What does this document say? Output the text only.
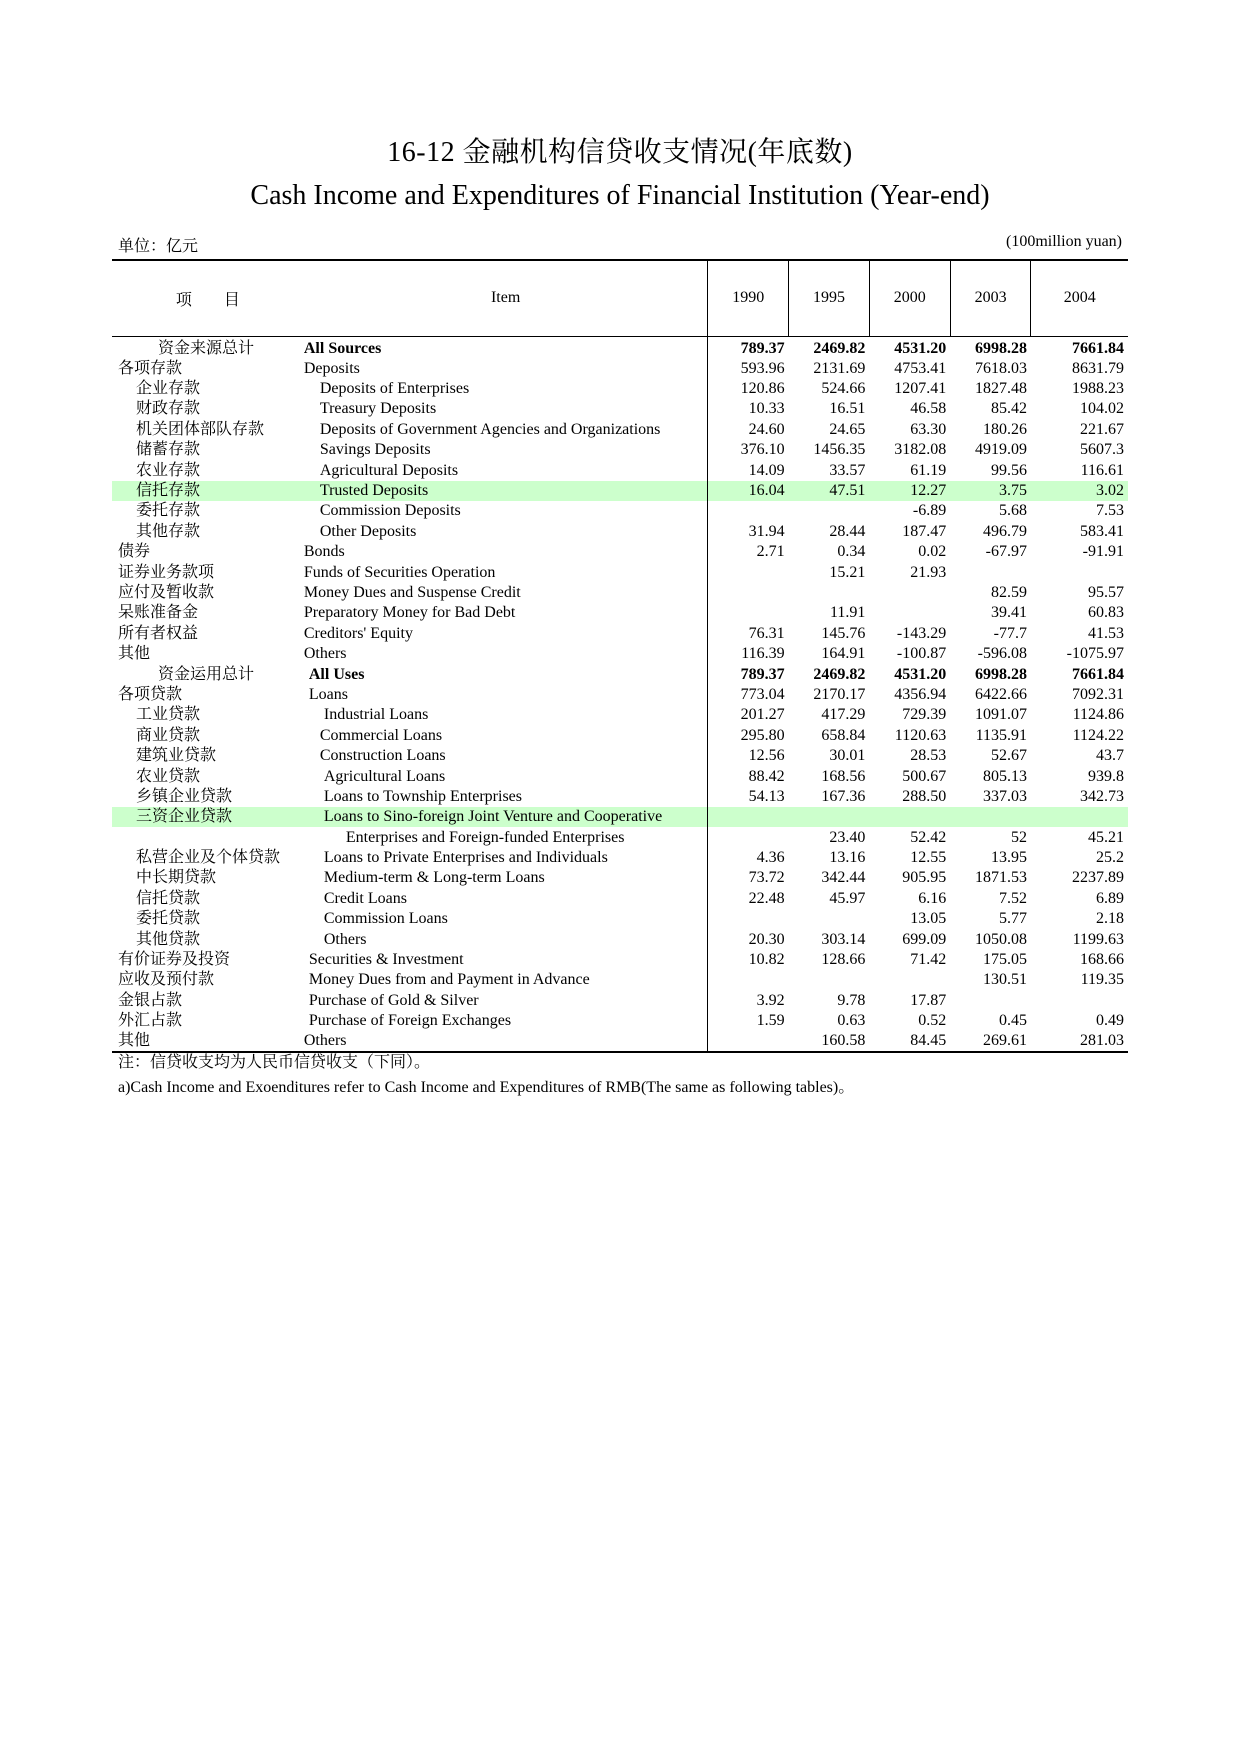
16-12 金融机构信贷收支情况(年底数)
Cash Income and Expenditures of Financial Institution (Year-end)
单位：亿元	(100million yuan)
项　　目	Item	1990	1995	2000	2003	2004
资金来源总计	All Sources	789.37	2469.82	4531.20	6998.28	7661.84
各项存款	Deposits	593.96	2131.69	4753.41	7618.03	8631.79
企业存款	Deposits of Enterprises	120.86	524.66	1207.41	1827.48	1988.23
财政存款	Treasury Deposits	10.33	16.51	46.58	85.42	104.02
机关团体部队存款	Deposits of Government Agencies and Organizations	24.60	24.65	63.30	180.26	221.67
储蓄存款	Savings Deposits	376.10	1456.35	3182.08	4919.09	5607.3
农业存款	Agricultural Deposits	14.09	33.57	61.19	99.56	116.61
信托存款	Trusted Deposits	16.04	47.51	12.27	3.75	3.02
委托存款	Commission Deposits			-6.89	5.68	7.53
其他存款	Other Deposits	31.94	28.44	187.47	496.79	583.41
债券	Bonds	2.71	0.34	0.02	-67.97	-91.91
证券业务款项	Funds of Securities Operation		15.21	21.93		
应付及暂收款	Money Dues and Suspense Credit				82.59	95.57
呆账准备金	Preparatory Money for Bad Debt		11.91		39.41	60.83
所有者权益	Creditors' Equity	76.31	145.76	-143.29	-77.7	41.53
其他	Others	116.39	164.91	-100.87	-596.08	-1075.97
资金运用总计	All Uses	789.37	2469.82	4531.20	6998.28	7661.84
各项贷款	Loans	773.04	2170.17	4356.94	6422.66	7092.31
工业贷款	Industrial Loans	201.27	417.29	729.39	1091.07	1124.86
商业贷款	Commercial Loans	295.80	658.84	1120.63	1135.91	1124.22
建筑业贷款	Construction Loans	12.56	30.01	28.53	52.67	43.7
农业贷款	Agricultural Loans	88.42	168.56	500.67	805.13	939.8
乡镇企业贷款	Loans to Township Enterprises	54.13	167.36	288.50	337.03	342.73
三资企业贷款	Loans to Sino-foreign Joint Venture and Cooperative					
	Enterprises and Foreign-funded Enterprises		23.40	52.42	52	45.21
私营企业及个体贷款	Loans to Private Enterprises and Individuals	4.36	13.16	12.55	13.95	25.2
中长期贷款	Medium-term & Long-term Loans	73.72	342.44	905.95	1871.53	2237.89
信托贷款	Credit Loans	22.48	45.97	6.16	7.52	6.89
委托贷款	Commission Loans			13.05	5.77	2.18
其他贷款	Others	20.30	303.14	699.09	1050.08	1199.63
有价证券及投资	Securities & Investment	10.82	128.66	71.42	175.05	168.66
应收及预付款	Money Dues from and Payment in Advance				130.51	119.35
金银占款	Purchase of Gold & Silver	3.92	9.78	17.87		
外汇占款	Purchase of Foreign Exchanges	1.59	0.63	0.52	0.45	0.49
其他	Others		160.58	84.45	269.61	281.03
注：信贷收支均为人民币信贷收支（下同）。
a)Cash Income and Exoenditures refer to Cash Income and Expenditures of RMB(The same as following tables)。
